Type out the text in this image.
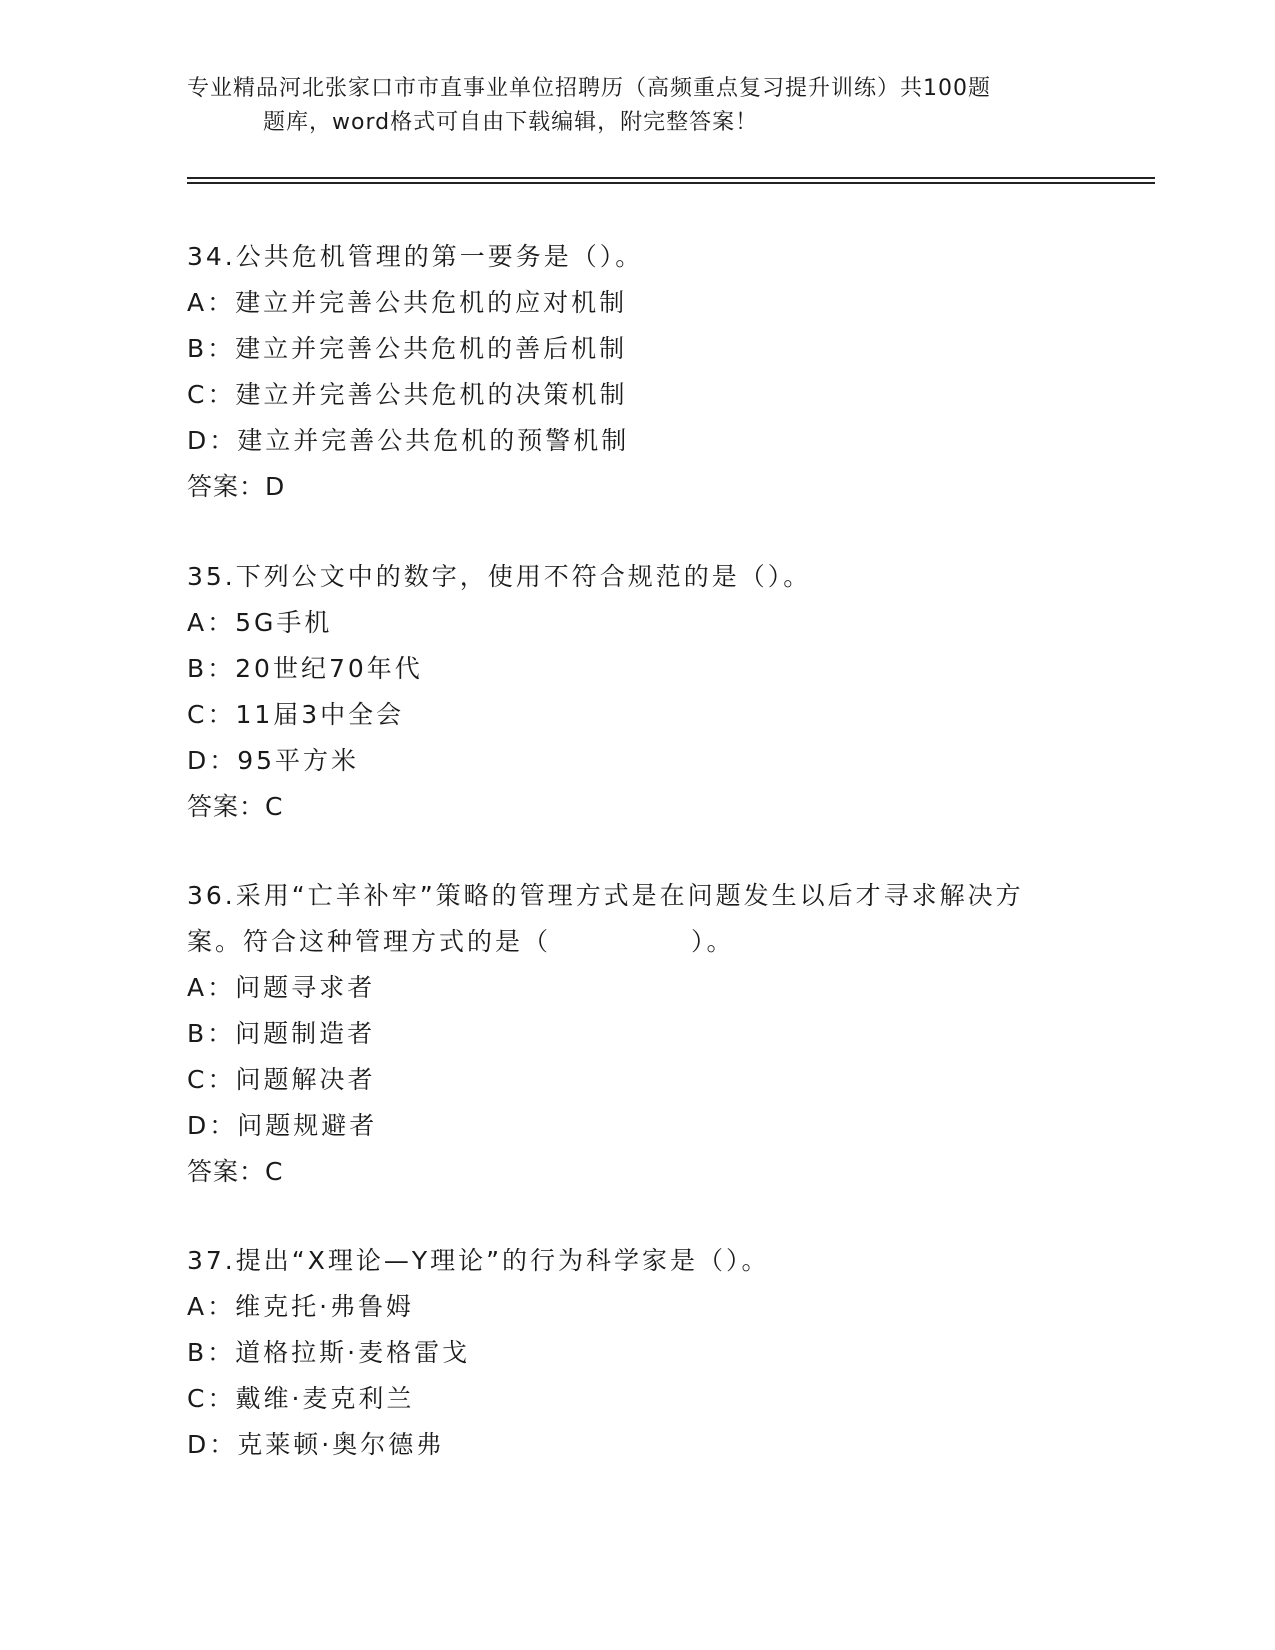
专业精品河北张家口市市直事业单位招聘历（高频重点复习提升训练）共100题
题库，word格式可自由下载编辑，附完整答案！
34.公共危机管理的第一要务是（）。
A：建立并完善公共危机的应对机制
B：建立并完善公共危机的善后机制
C：建立并完善公共危机的决策机制
D：建立并完善公共危机的预警机制
答案：D
35.下列公文中的数字，使用不符合规范的是（）。
A：5G手机
B：20世纪70年代
C：11届3中全会
D：95平方米
答案：C
36.采用“亡羊补牢”策略的管理方式是在问题发生以后才寻求解决方
案。符合这种管理方式的是（　　　　　）。
A：问题寻求者
B：问题制造者
C：问题解决者
D：问题规避者
答案：C
37.提出“X理论—Y理论”的行为科学家是（）。
A：维克托·弗鲁姆
B：道格拉斯·麦格雷戈
C：戴维·麦克利兰
D：克莱顿·奥尔德弗
